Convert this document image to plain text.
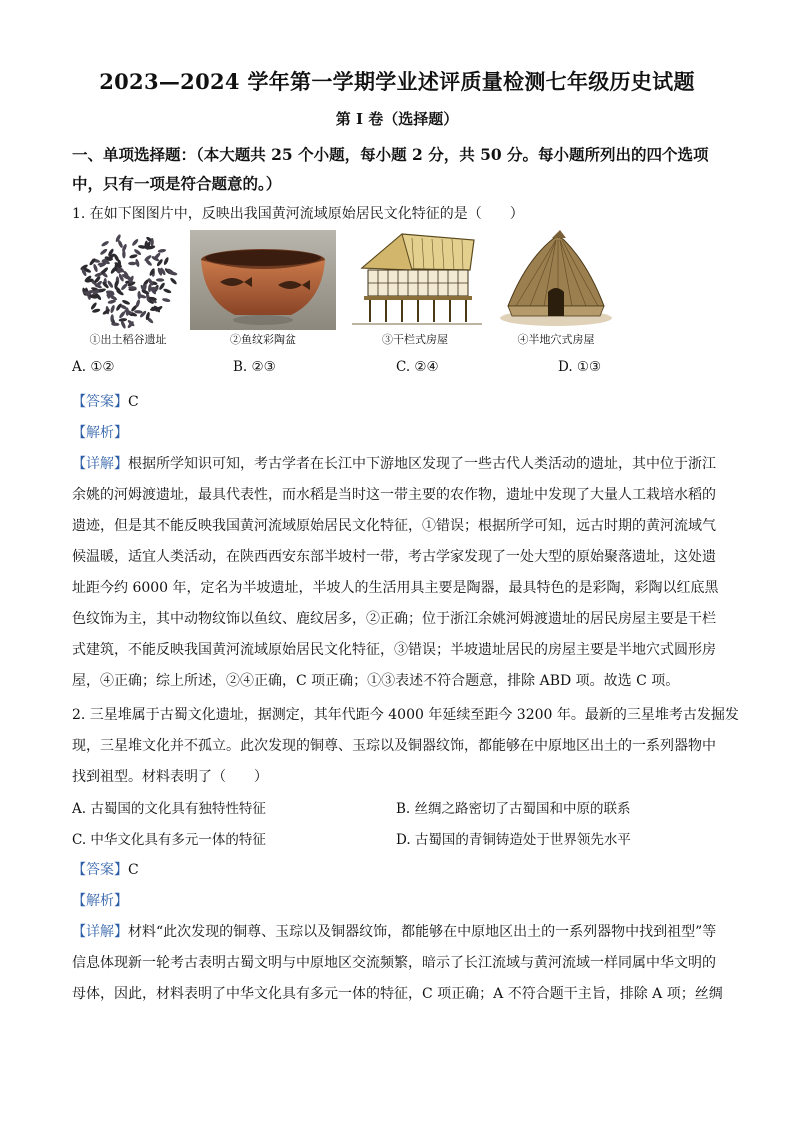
2023—2024 学年第一学期学业述评质量检测七年级历史试题
第 I 卷（选择题）
一、单项选择题：（本大题共 25 个小题，每小题 2 分，共 50 分。每小题所列出的四个选项
中，只有一项是符合题意的。）
1. 在如下图图片中，反映出我国黄河流域原始居民文化特征的是（　　）
①出土稻谷遗址	②鱼纹彩陶盆	③干栏式房屋	④半地穴式房屋
A. ①②	B. ②③	C. ②④	D. ①③
【答案】C
【解析】
【详解】根据所学知识可知，考古学者在长江中下游地区发现了一些古代人类活动的遗址，其中位于浙江
余姚的河姆渡遗址，最具代表性，而水稻是当时这一带主要的农作物，遗址中发现了大量人工栽培水稻的
遗迹，但是其不能反映我国黄河流域原始居民文化特征，①错误；根据所学可知，远古时期的黄河流域气
候温暖，适宜人类活动，在陕西西安东部半坡村一带，考古学家发现了一处大型的原始聚落遗址，这处遗
址距今约 6000 年，定名为半坡遗址，半坡人的生活用具主要是陶器，最具特色的是彩陶，彩陶以红底黑
色纹饰为主，其中动物纹饰以鱼纹、鹿纹居多，②正确；位于浙江余姚河姆渡遗址的居民房屋主要是干栏
式建筑，不能反映我国黄河流域原始居民文化特征，③错误；半坡遗址居民的房屋主要是半地穴式圆形房
屋，④正确；综上所述，②④正确，C 项正确；①③表述不符合题意，排除 ABD 项。故选 C 项。
2. 三星堆属于古蜀文化遗址，据测定，其年代距今 4000 年延续至距今 3200 年。最新的三星堆考古发掘发
现，三星堆文化并不孤立。此次发现的铜尊、玉琮以及铜器纹饰，都能够在中原地区出土的一系列器物中
找到祖型。材料表明了（　　）
A. 古蜀国的文化具有独特性特征	B. 丝绸之路密切了古蜀国和中原的联系
C. 中华文化具有多元一体的特征	D. 古蜀国的青铜铸造处于世界领先水平
【答案】C
【解析】
【详解】材料“此次发现的铜尊、玉琮以及铜器纹饰，都能够在中原地区出土的一系列器物中找到祖型”等
信息体现新一轮考古表明古蜀文明与中原地区交流频繁，暗示了长江流域与黄河流域一样同属中华文明的
母体，因此，材料表明了中华文化具有多元一体的特征，C 项正确；A 不符合题干主旨，排除 A 项；丝绸
